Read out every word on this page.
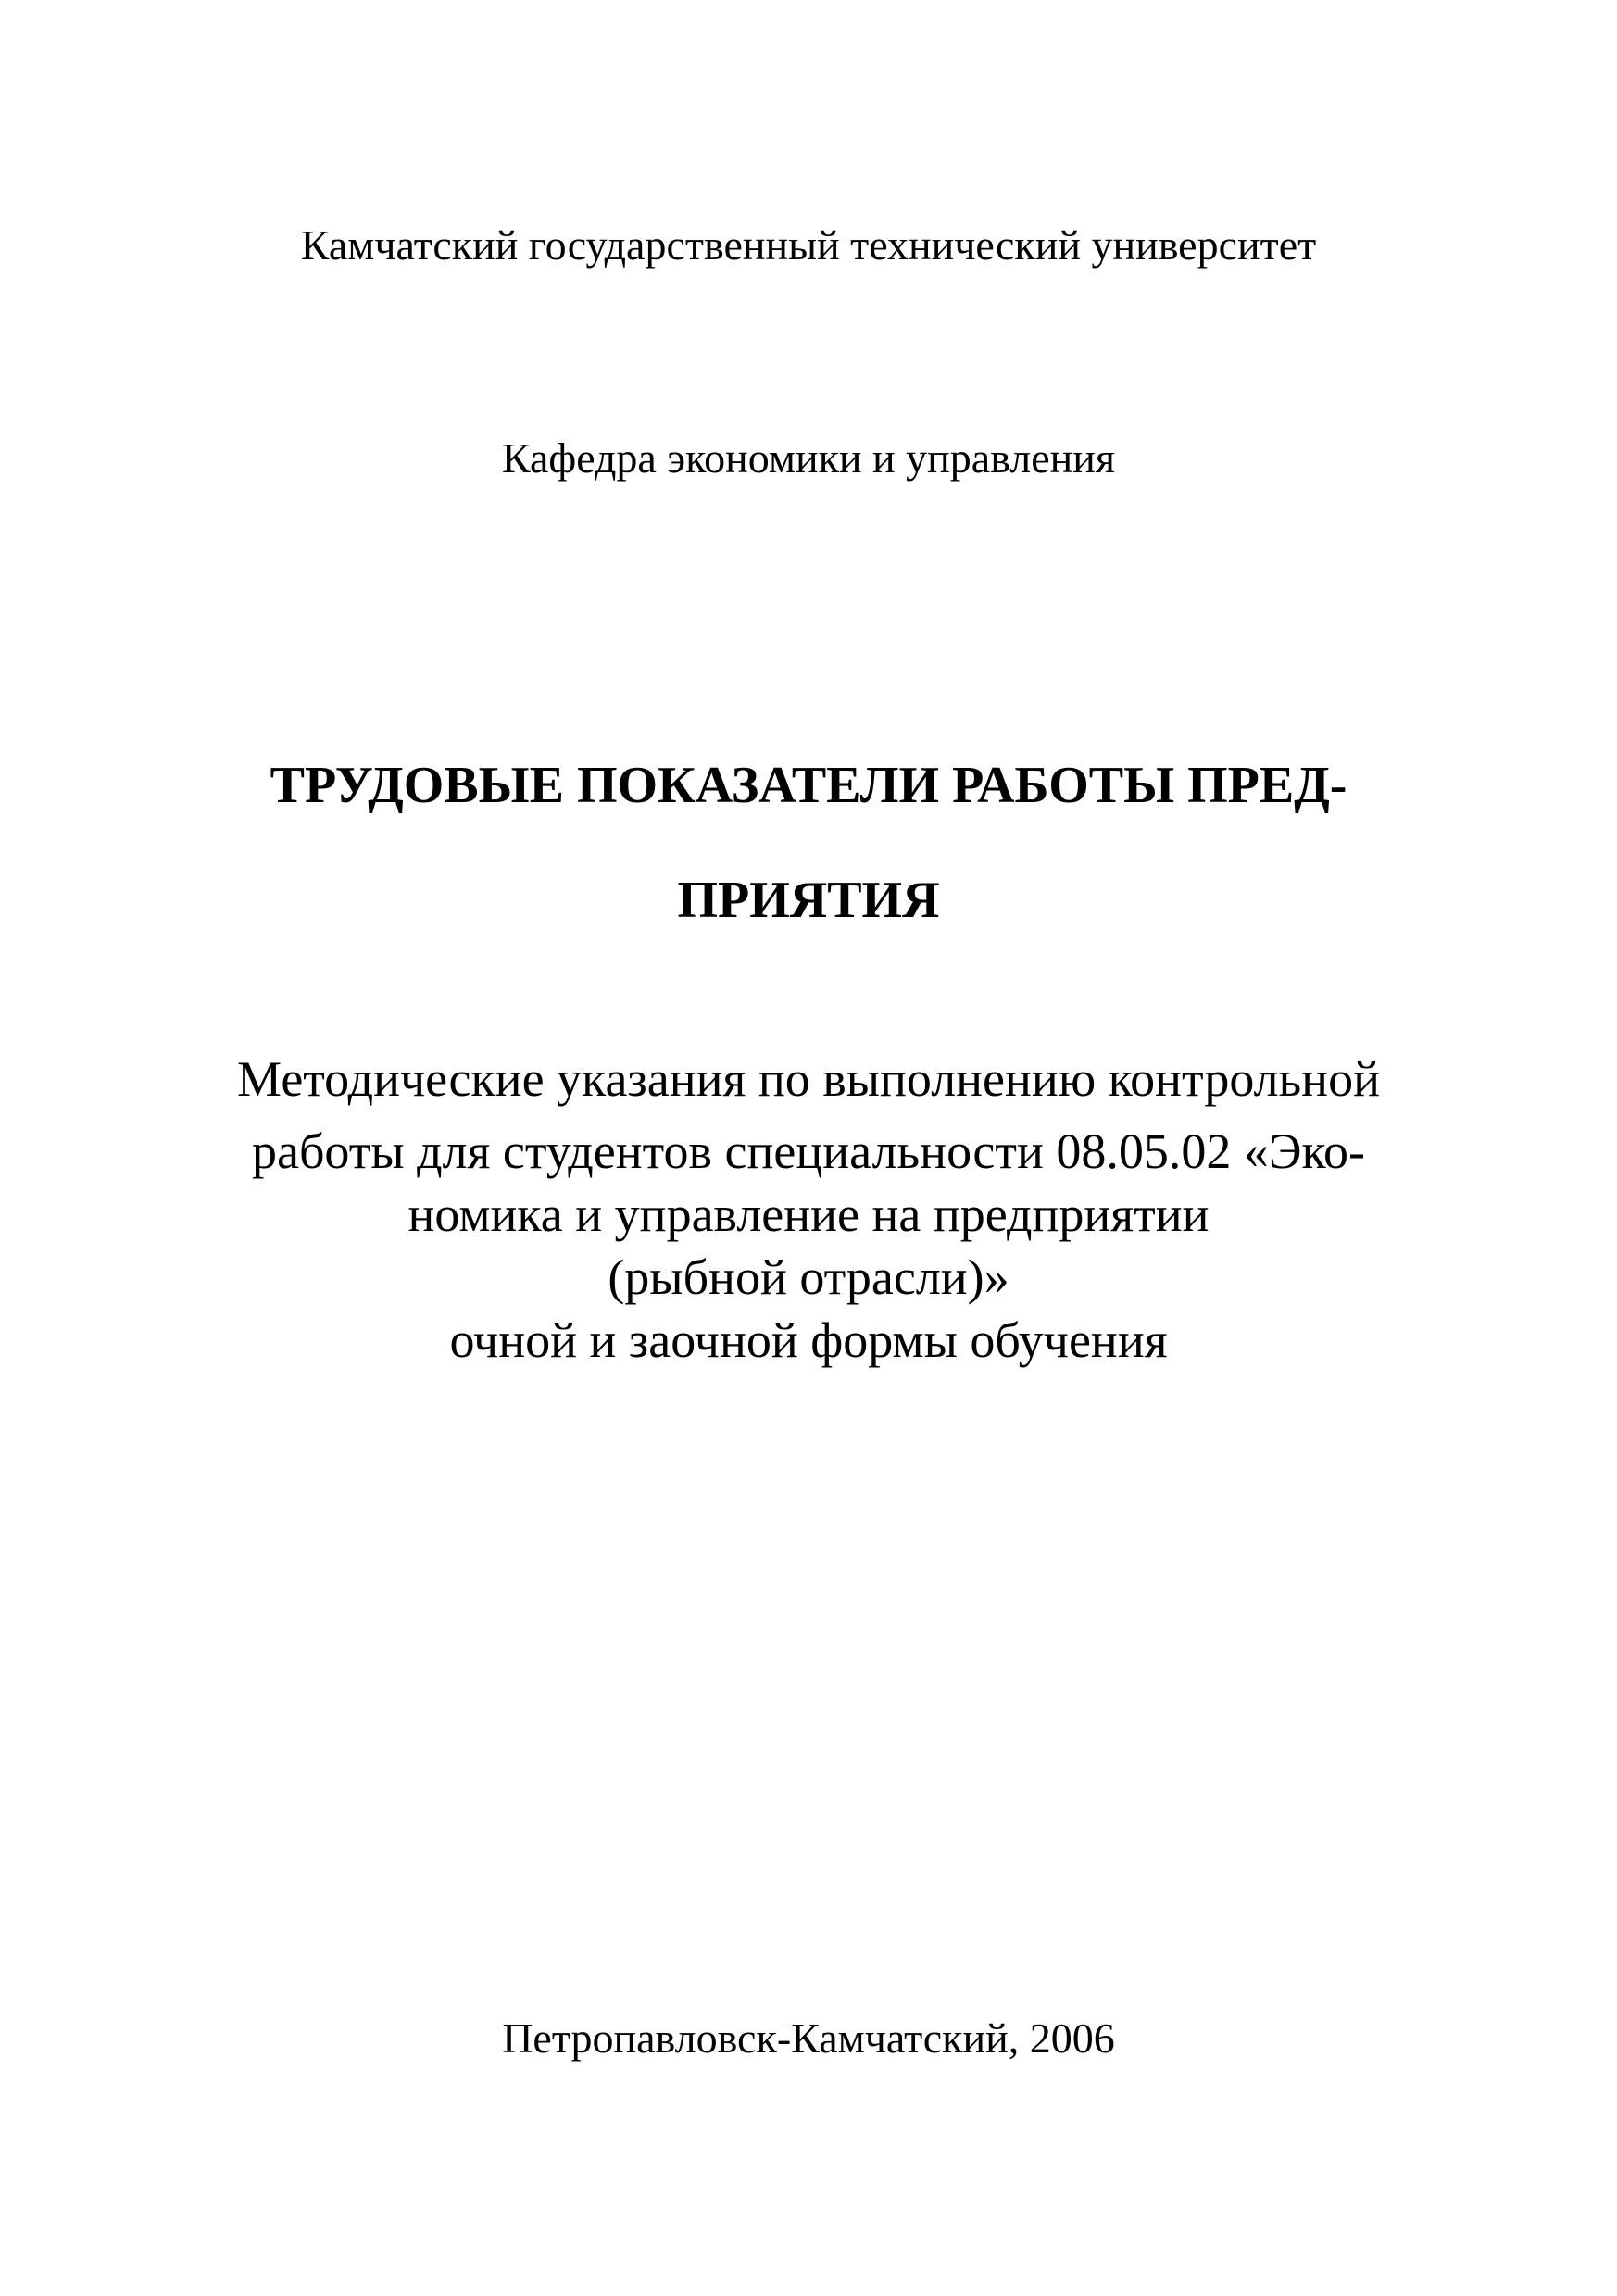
Камчатский государственный технический университет
Кафедра экономики и управления
ТРУДОВЫЕ ПОКАЗАТЕЛИ РАБОТЫ ПРЕД-
ПРИЯТИЯ
Методические указания по выполнению контрольной
работы для студентов специальности 08.05.02 «Эко-
номика и управление на предприятии
(рыбной отрасли)»
очной и заочной формы обучения
Петропавловск-Камчатский, 2006
